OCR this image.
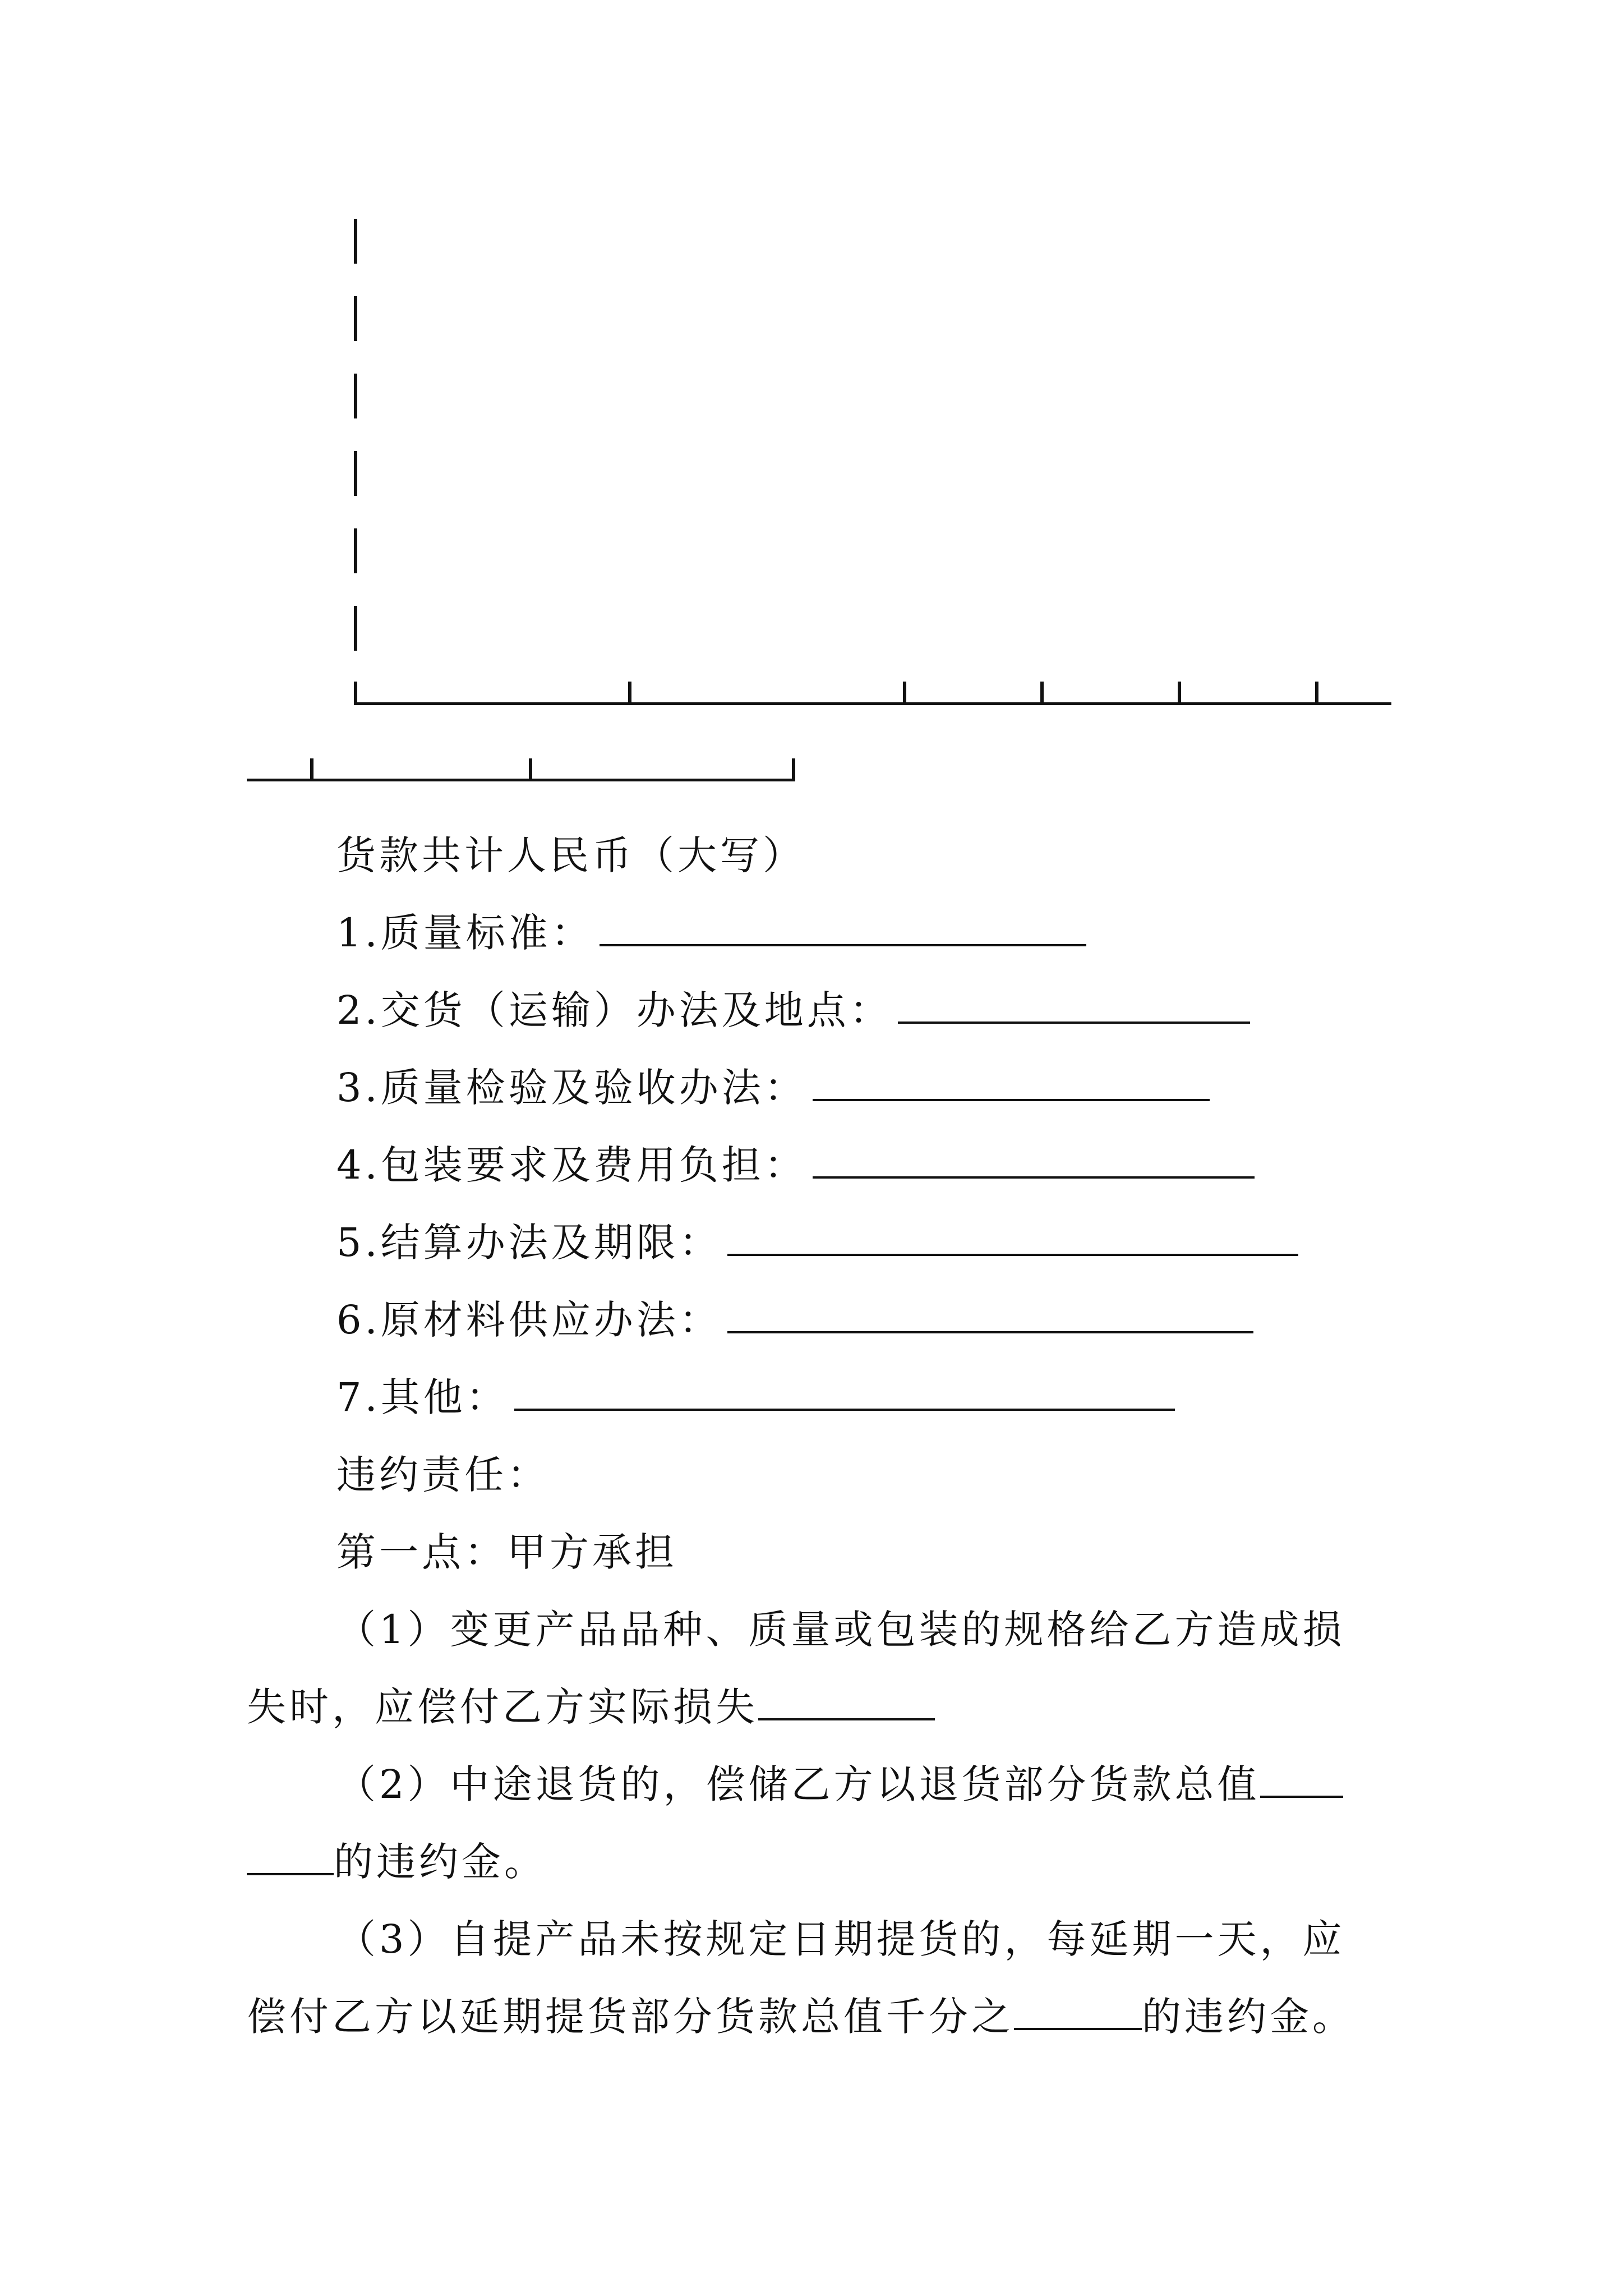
货款共计人民币（大写）
1.质量标准：
2.交货（运输）办法及地点：
3.质量检验及验收办法：
4.包装要求及费用负担：
5.结算办法及期限：
6.原材料供应办法：
7.其他：
违约责任：
第一点：甲方承担
（1）变更产品品种、质量或包装的规格给乙方造成损
失时，应偿付乙方实际损失
（2）中途退货的，偿储乙方以退货部分货款总值
的违约金。
（3）自提产品未按规定日期提货的，每延期一天，应
偿付乙方以延期提货部分货款总值千分之	的违约金。
